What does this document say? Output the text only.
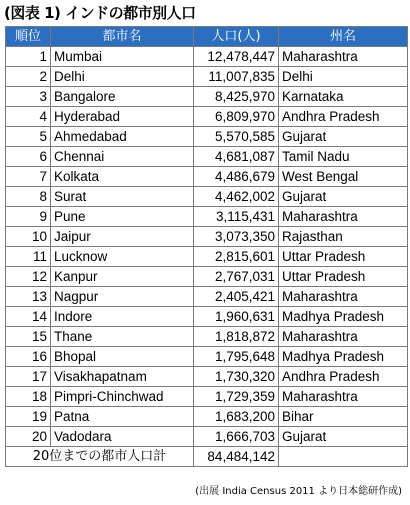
(図表 1) インドの都市別人口
順位	都市名	人口(人)	州名
1	Mumbai	12,478,447	Maharashtra
2	Delhi	11,007,835	Delhi
3	Bangalore	8,425,970	Karnataka
4	Hyderabad	6,809,970	Andhra Pradesh
5	Ahmedabad	5,570,585	Gujarat
6	Chennai	4,681,087	Tamil Nadu
7	Kolkata	4,486,679	West Bengal
8	Surat	4,462,002	Gujarat
9	Pune	3,115,431	Maharashtra
10	Jaipur	3,073,350	Rajasthan
11	Lucknow	2,815,601	Uttar Pradesh
12	Kanpur	2,767,031	Uttar Pradesh
13	Nagpur	2,405,421	Maharashtra
14	Indore	1,960,631	Madhya Pradesh
15	Thane	1,818,872	Maharashtra
16	Bhopal	1,795,648	Madhya Pradesh
17	Visakhapatnam	1,730,320	Andhra Pradesh
18	Pimpri-Chinchwad	1,729,359	Maharashtra
19	Patna	1,683,200	Bihar
20	Vadodara	1,666,703	Gujarat
20位までの都市人口計		84,484,142	
(出展 India Census 2011 より日本総研作成)
